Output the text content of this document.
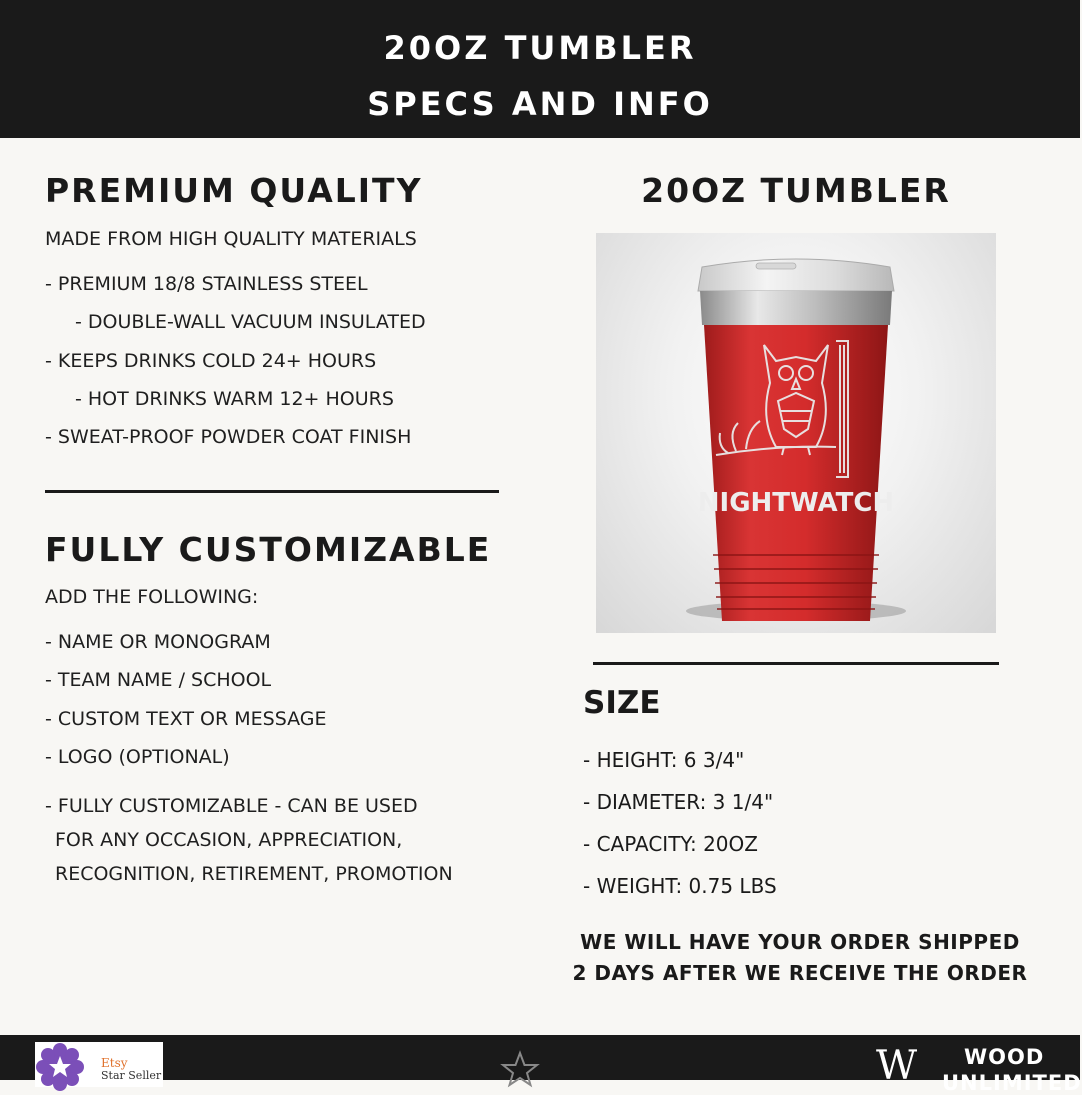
20OZ TUMBLER
SPECS AND INFO
PREMIUM QUALITY
MADE FROM HIGH QUALITY MATERIALS
- PREMIUM 18/8 STAINLESS STEEL
- DOUBLE-WALL VACUUM INSULATED
- KEEPS DRINKS COLD 24+ HOURS
- HOT DRINKS WARM 12+ HOURS
- SWEAT-PROOF POWDER COAT FINISH
FULLY CUSTOMIZABLE
ADD THE FOLLOWING:
- NAME OR MONOGRAM
- TEAM NAME / SCHOOL
- CUSTOM TEXT OR MESSAGE
- LOGO (OPTIONAL)
- FULLY CUSTOMIZABLE - CAN BE USED
FOR ANY OCCASION, APPRECIATION,
RECOGNITION, RETIREMENT, PROMOTION
20OZ TUMBLER
NIGHTWATCH
SIZE
- HEIGHT: 6 3/4"
- DIAMETER: 3 1/4"
- CAPACITY: 20OZ
- WEIGHT: 0.75 LBS
WE WILL HAVE YOUR ORDER SHIPPED
2 DAYS AFTER WE RECEIVE THE ORDER
Etsy
Star Seller	W WOOD
UNLIMITED
